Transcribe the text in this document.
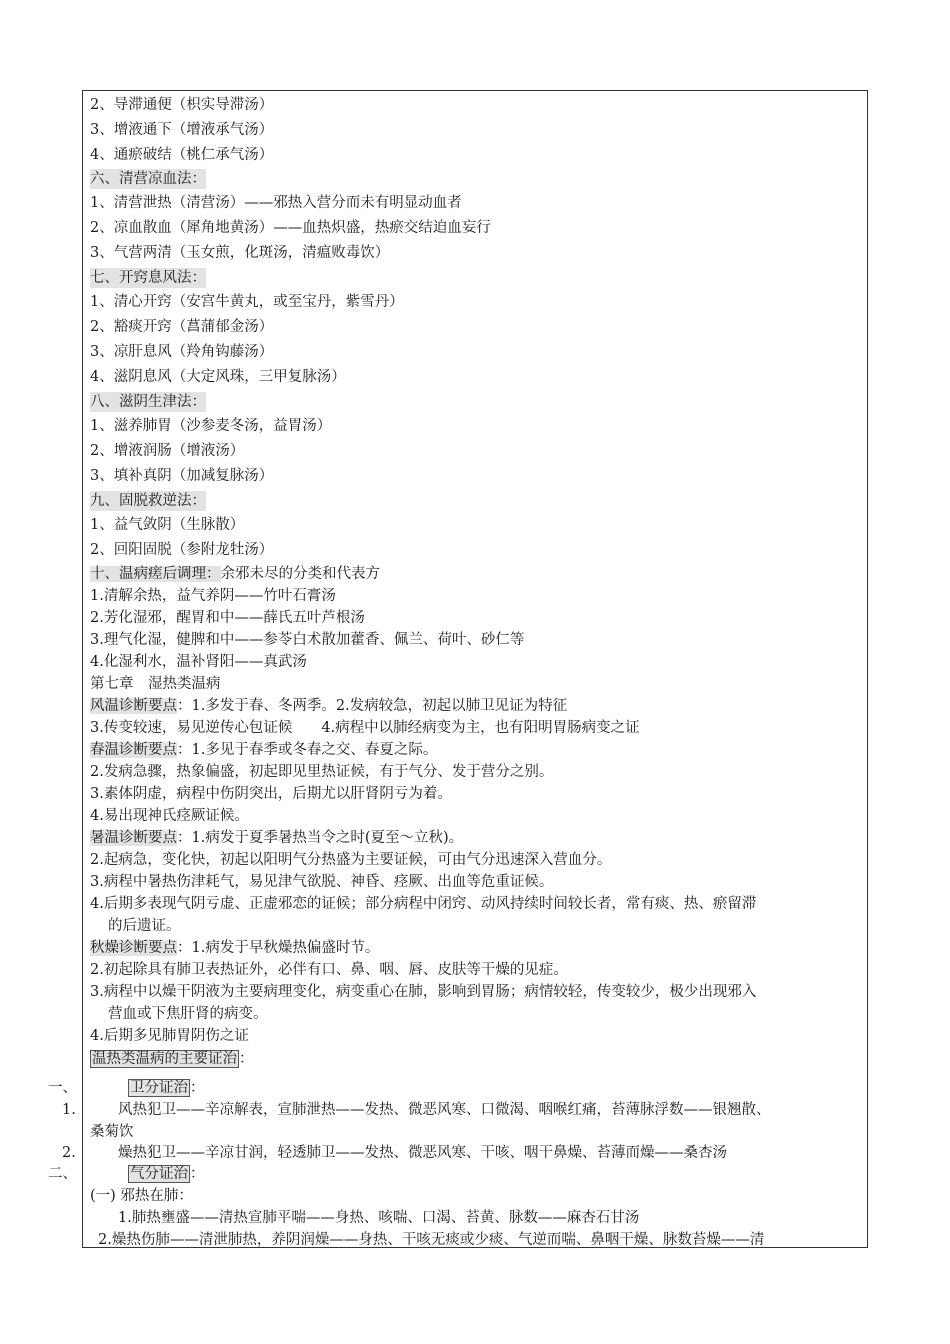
2、导滞通便（枳实导滞汤）
3、增液通下（增液承气汤）
4、通瘀破结（桃仁承气汤）
六、清营凉血法：
1、清营泄热（清营汤）——邪热入营分而未有明显动血者
2、凉血散血（犀角地黄汤）——血热炽盛，热瘀交结迫血妄行
3、气营两清（玉女煎，化斑汤，清瘟败毒饮）
七、开窍息风法：
1、清心开窍（安宫牛黄丸，或至宝丹，紫雪丹）
2、豁痰开窍（菖蒲郁金汤）
3、凉肝息风（羚角钩藤汤）
4、滋阴息风（大定风珠，三甲复脉汤）
八、滋阴生津法：
1、滋养肺胃（沙参麦冬汤，益胃汤）
2、增液润肠（增液汤）
3、填补真阴（加减复脉汤）
九、固脱救逆法：
1、益气敛阴（生脉散）
2、回阳固脱（参附龙牡汤）
十、温病瘥后调理：余邪未尽的分类和代表方
1.清解余热，益气养阴——竹叶石膏汤
2.芳化湿邪，醒胃和中——薛氏五叶芦根汤
3.理气化湿，健脾和中——参苓白术散加藿香、佩兰、荷叶、砂仁等
4.化湿利水，温补肾阳——真武汤
第七章　湿热类温病
风温诊断要点：1.多发于春、冬两季。2.发病较急，初起以肺卫见证为特征
3.传变较速，易见逆传心包证候　　4.病程中以肺经病变为主，也有阳明胃肠病变之证
春温诊断要点：1.多见于春季或冬春之交、春夏之际。
2.发病急骤，热象偏盛，初起即见里热证候，有于气分、发于营分之别。
3.素体阴虚，病程中伤阴突出，后期尤以肝肾阴亏为着。
4.易出现神氏痉厥证候。
暑温诊断要点：1.病发于夏季暑热当令之时(夏至～立秋)。
2.起病急，变化快，初起以阳明气分热盛为主要证候，可由气分迅速深入营血分。
3.病程中暑热伤津耗气，易见津气欲脱、神昏、痉厥、出血等危重证候。
4.后期多表现气阴亏虚、正虚邪恋的证候；部分病程中闭窍、动风持续时间较长者，常有痰、热、瘀留滞
的后遗证。
秋燥诊断要点：1.病发于早秋燥热偏盛时节。
2.初起除具有肺卫表热证外，必伴有口、鼻、咽、唇、皮肤等干燥的见症。
3.病程中以燥干阴液为主要病理变化，病变重心在肺，影响到胃肠；病情较轻，传变较少，极少出现邪入
营血或下焦肝肾的病变。
4.后期多见肺胃阴伤之证
温热类温病的主要证治 ：
一、	卫分证治 ：
1.	风热犯卫——辛凉解表，宣肺泄热——发热、微恶风寒、口微渴、咽喉红痛，苔薄脉浮数——银翘散、
桑菊饮
2.	燥热犯卫——辛凉甘润，轻透肺卫——发热、微恶风寒、干咳、咽干鼻燥、苔薄而燥——桑杏汤
二、	气分证治 ：
(一) 邪热在肺：
1.肺热壅盛——清热宣肺平喘——身热、咳喘、口渴、苔黄、脉数——麻杏石甘汤
2.燥热伤肺——清泄肺热，养阴润燥——身热、干咳无痰或少痰、气逆而喘、鼻咽干燥、脉数苔燥——清
